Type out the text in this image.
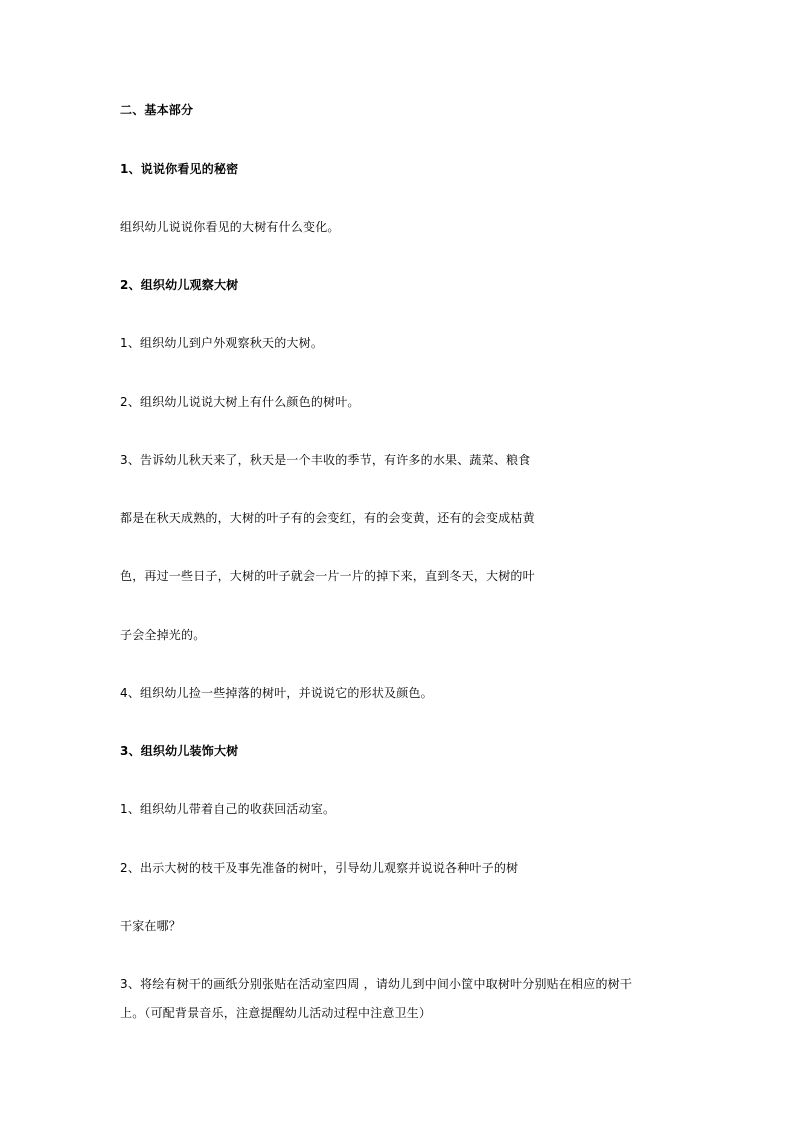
二、基本部分
1、说说你看见的秘密
组织幼儿说说你看见的大树有什么变化。
2、组织幼儿观察大树
1、组织幼儿到户外观察秋天的大树。
2、组织幼儿说说大树上有什么颜色的树叶。
3、告诉幼儿秋天来了，秋天是一个丰收的季节，有许多的水果、蔬菜、粮食
都是在秋天成熟的，大树的叶子有的会变红，有的会变黄，还有的会变成枯黄
色，再过一些日子，大树的叶子就会一片一片的掉下来，直到冬天，大树的叶
子会全掉光的。
4、组织幼儿捡一些掉落的树叶，并说说它的形状及颜色。
3、组织幼儿装饰大树
1、组织幼儿带着自己的收获回活动室。
2、出示大树的枝干及事先准备的树叶，引导幼儿观察并说说各种叶子的树
干家在哪？
3、将绘有树干的画纸分别张贴在活动室四周 ，请幼儿到中间小筐中取树叶分别贴在相应的树干
上。（可配背景音乐，注意提醒幼儿活动过程中注意卫生）
